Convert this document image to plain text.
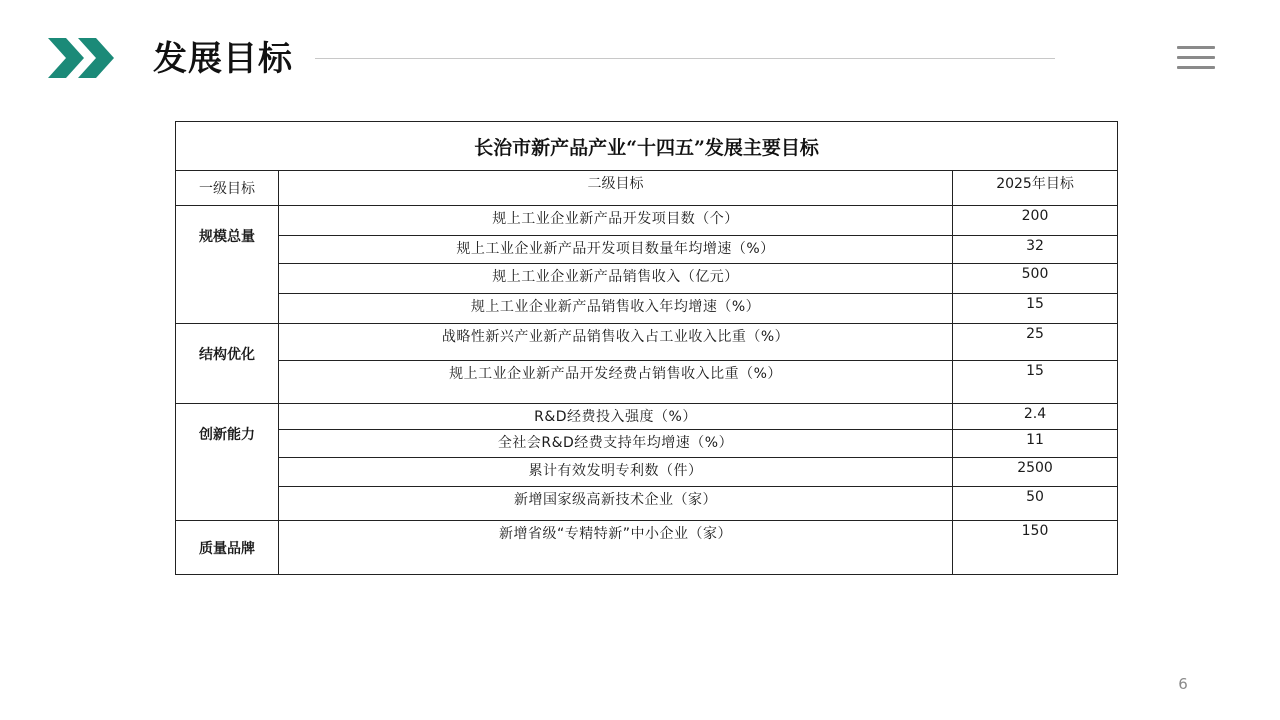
发展目标
长治市新产品产业“十四五”发展主要目标		
一级目标	二级目标	2025年目标
规模总量	规上工业企业新产品开发项目数（个）	200
	规上工业企业新产品开发项目数量年均增速（%）	32
	规上工业企业新产品销售收入（亿元）	500
	规上工业企业新产品销售收入年均增速（%）	15
结构优化	战略性新兴产业新产品销售收入占工业收入比重（%）	25
	规上工业企业新产品开发经费占销售收入比重（%）	15
创新能力	R&D经费投入强度（%）	2.4
	全社会R&D经费支持年均增速（%）	11
	累计有效发明专利数（件）	2500
	新增国家级高新技术企业（家）	50
质量品牌	新增省级“专精特新”中小企业（家）	150
6
